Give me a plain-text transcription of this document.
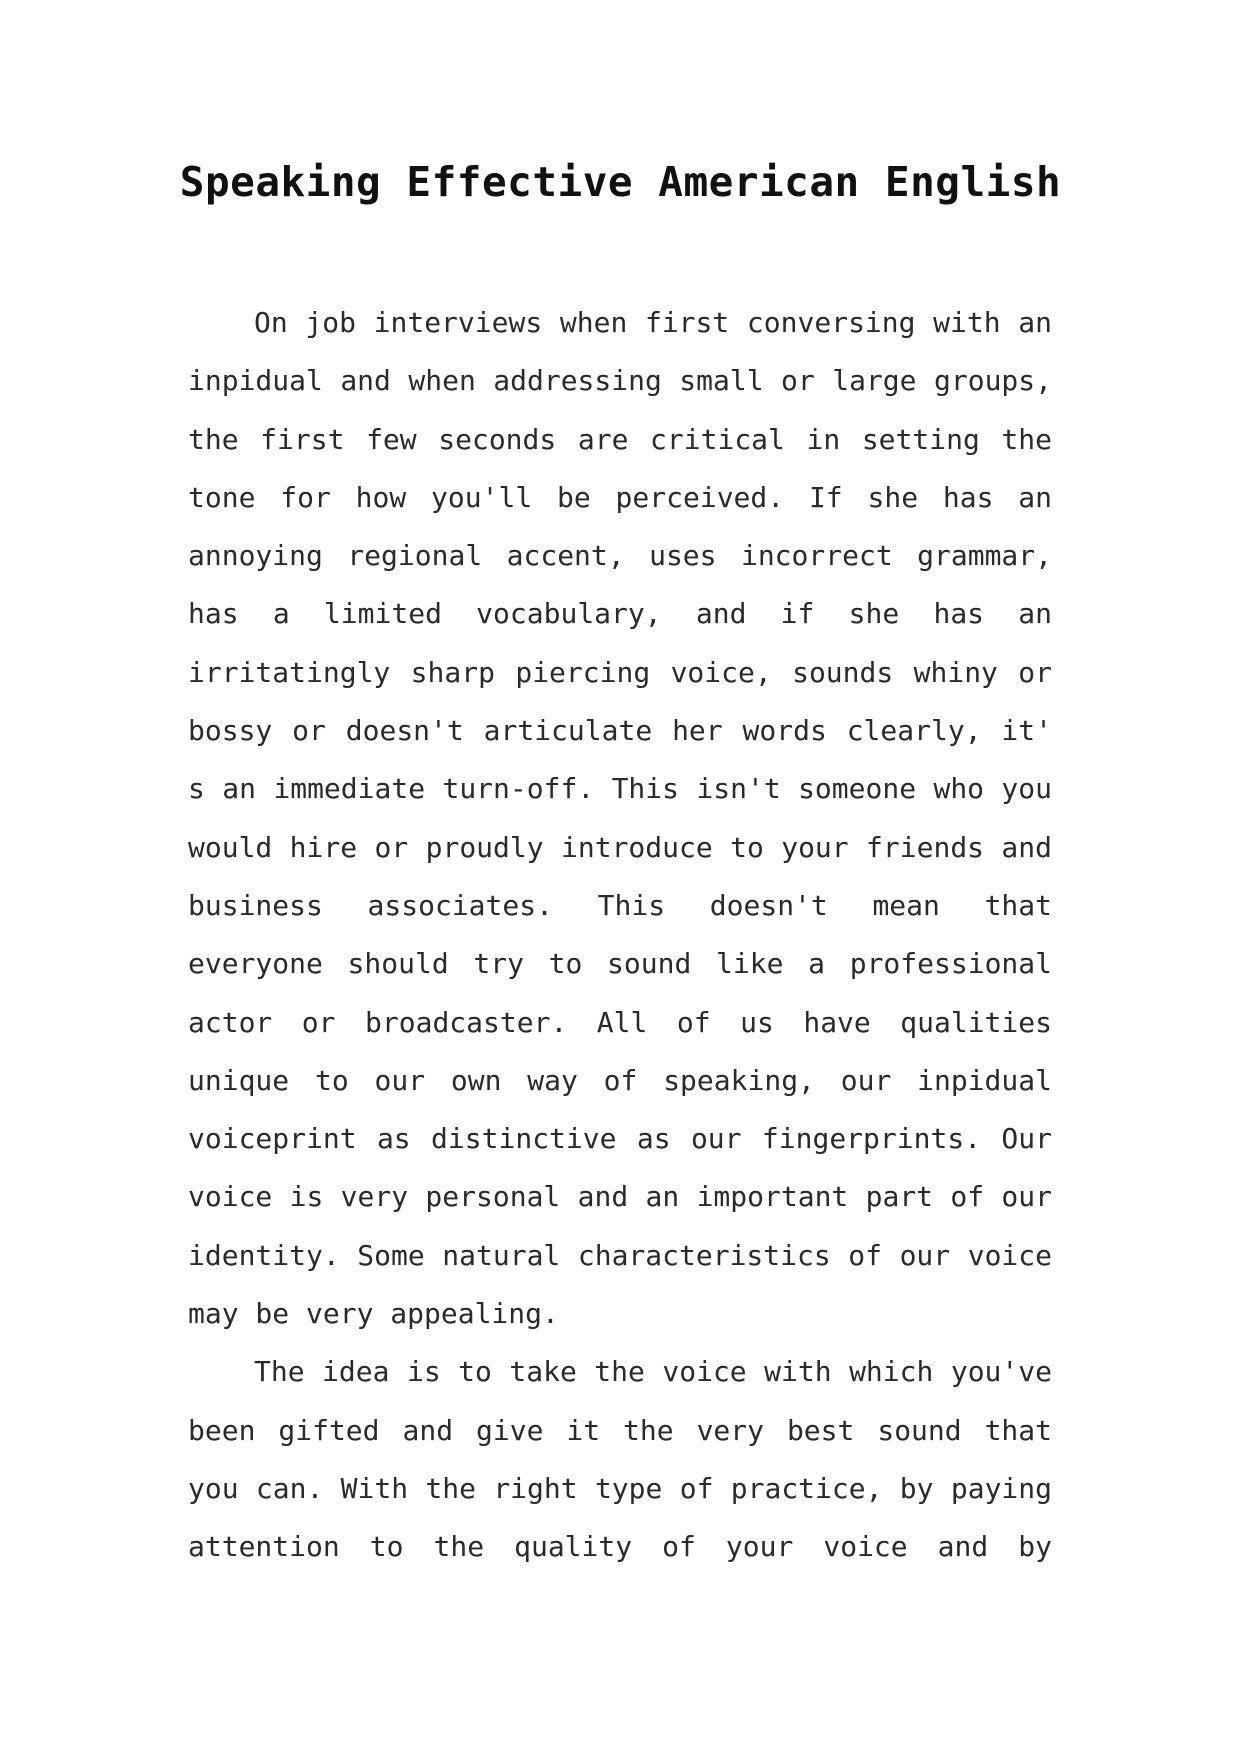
Speaking Effective American English
On job interviews when first conversing with an
inpidual and when addressing small or large groups,
the first few seconds are critical in setting the
tone for how you'll be perceived. If she has an
annoying regional accent, uses incorrect grammar,
has a limited vocabulary, and if she has an
irritatingly sharp piercing voice, sounds whiny or
bossy or doesn't articulate her words clearly, it'
s an immediate turn-off. This isn't someone who you
would hire or proudly introduce to your friends and
business associates. This doesn't mean that
everyone should try to sound like a professional
actor or broadcaster. All of us have qualities
unique to our own way of speaking, our inpidual
voiceprint as distinctive as our fingerprints. Our
voice is very personal and an important part of our
identity. Some natural characteristics of our voice
may be very appealing.
The idea is to take the voice with which you've
been gifted and give it the very best sound that
you can. With the right type of practice, by paying
attention to the quality of your voice and by
